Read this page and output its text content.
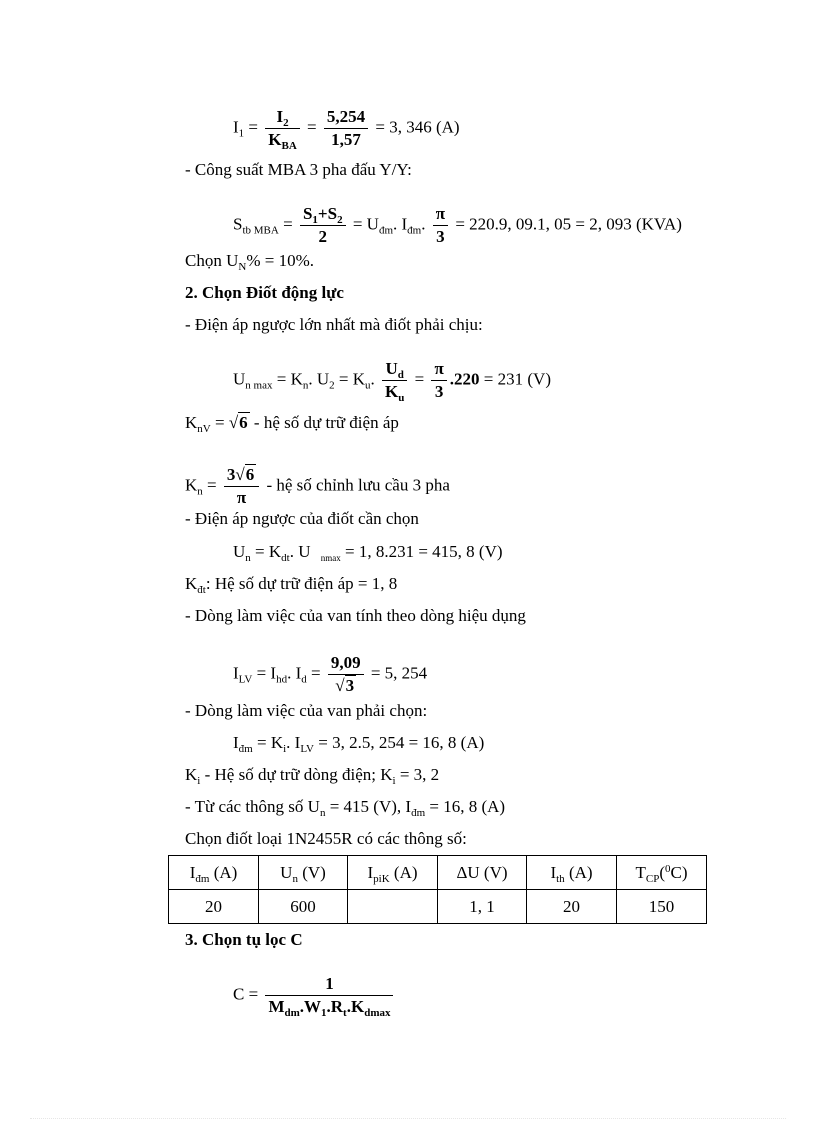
$I_1 = \frac{I_2}{K_{BA}} = \frac{5,254}{1,57} = 3$, 346 (A)
- Công suất MBA 3 pha đấu Y/Y:
$S_{tb MBA} = \frac{S_1+S_2}{2} = U_{đm}$. $I_{đm}$. $\frac{\pi}{3} = 220.9$, 09.1, 05 = 2, 093 (KVA)
Chọn $U_N\% = 10\%$.
2. Chọn Điốt động lực
- Điện áp ngược lớn nhất mà điốt phải chịu:
$U_{n max} = K_n$. $U_2 = K_u$. $\frac{U_d}{K_u} = \frac{\pi}{3} .220 = 231$ (V)
$K_{nV} = √6$ - hệ số dự trữ điện áp
$K_n = \frac{3√6}{\pi}$ - hệ số chỉnh lưu cầu 3 pha
- Điện áp ngược của điốt cần chọn
$U_n = K_{dt}$. U $_{nmax}$ = 1, 8.231 = 415, 8 (V)
$K_{đt}$: Hệ số dự trữ điện áp = 1, 8
- Dòng làm việc của van tính theo dòng hiệu dụng
$I_{LV} = I_{hd}$. $I_d = \frac{9,09}{√3} = 5$, 254
- Dòng làm việc của van phải chọn:
$I_{đm} = K_i$. $I_{LV} = 3$, 2.5, 254 = 16, 8 (A)
$K_i$ - Hệ số dự trữ dòng điện; $K_i = 3$, 2
- Từ các thông số $U_n = 415$ (V), $I_{đm} = 16$, 8 (A)
Chọn điốt loại 1N2455R có các thông số:
$I_{đm}$ (A)	$U_n$ (V)	$I_{piK}$ (A)	ΔU (V)	$I_{th}$ (A)	$T_{CP}(^0C)$
20	600		1, 1	20	150
3. Chọn tụ lọc C
$C = \frac{1}{M_{dm}.W_1.R_t.K_{dmax}}$
